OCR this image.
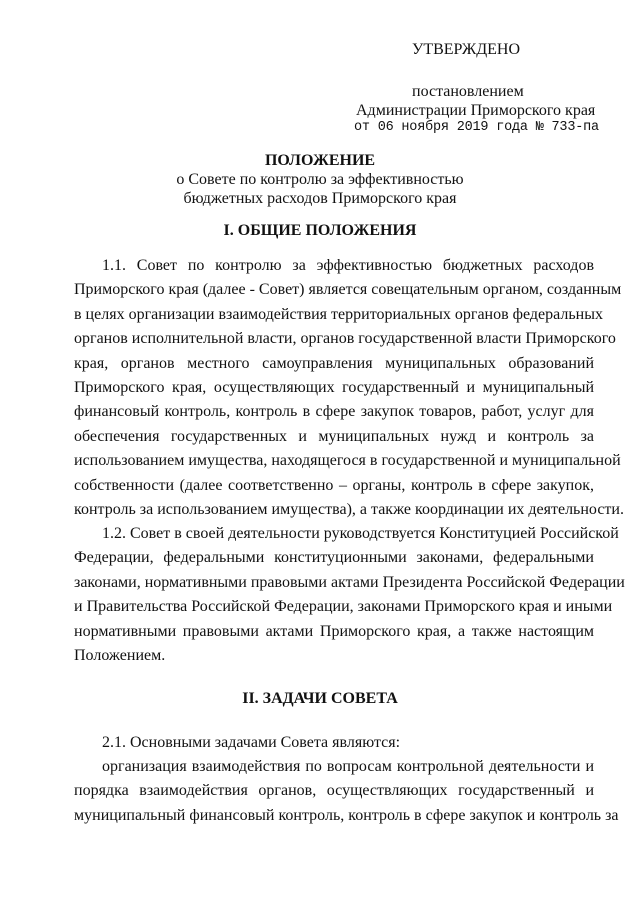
УТВЕРЖДЕНО
постановлением
Администрации Приморского края
от 06 ноября 2019 года № 733-па
ПОЛОЖЕНИЕ
о Совете по контролю за эффективностью
бюджетных расходов Приморского края
I. ОБЩИЕ ПОЛОЖЕНИЯ
1.1. Совет по контролю за эффективностью бюджетных расходов
Приморского края (далее - Совет) является совещательным органом, созданным
в целях организации взаимодействия территориальных органов федеральных
органов исполнительной власти, органов государственной власти Приморского
края, органов местного самоуправления муниципальных образований
Приморского края, осуществляющих государственный и муниципальный
финансовый контроль, контроль в сфере закупок товаров, работ, услуг для
обеспечения государственных и муниципальных нужд и контроль за
использованием имущества, находящегося в государственной и муниципальной
собственности (далее соответственно – органы, контроль в сфере закупок,
контроль за использованием имущества), а также координации их деятельности.
1.2. Совет в своей деятельности руководствуется Конституцией Российской
Федерации, федеральными конституционными законами, федеральными
законами, нормативными правовыми актами Президента Российской Федерации
и Правительства Российской Федерации, законами Приморского края и иными
нормативными правовыми актами Приморского края, а также настоящим
Положением.
II. ЗАДАЧИ СОВЕТА
2.1. Основными задачами Совета являются:
организация взаимодействия по вопросам контрольной деятельности и
порядка взаимодействия органов, осуществляющих государственный и
муниципальный финансовый контроль, контроль в сфере закупок и контроль за
